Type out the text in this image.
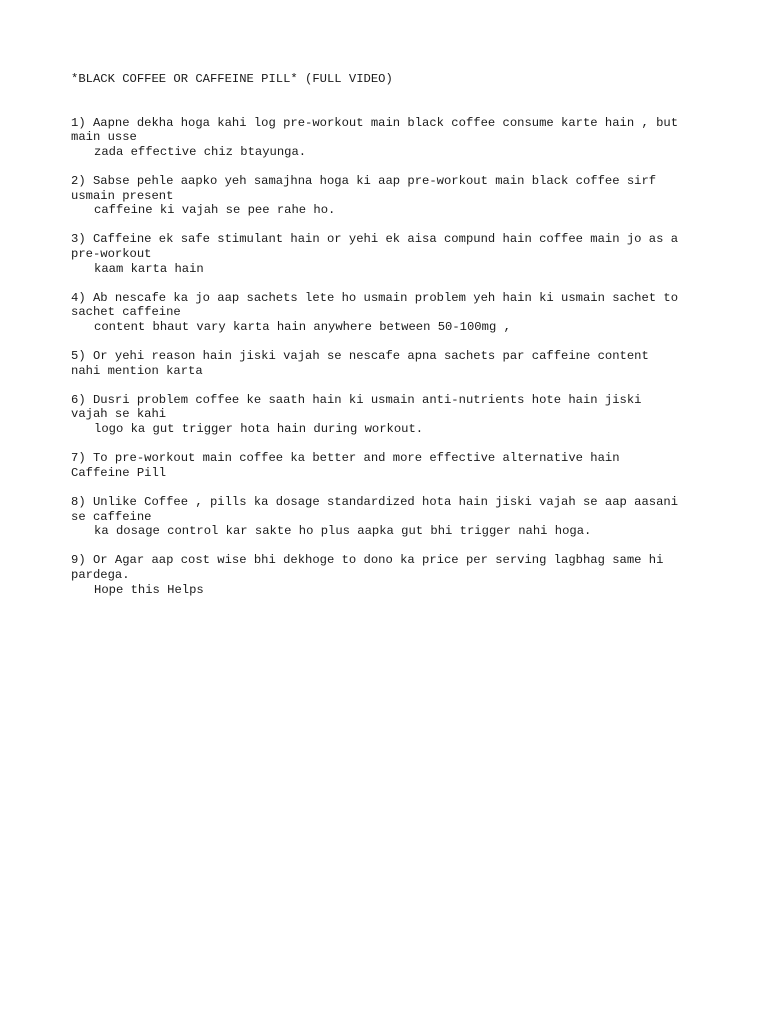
*BLACK COFFEE OR CAFFEINE PILL* (FULL VIDEO)
1) Aapne dekha hoga kahi log pre-workout main black coffee consume karte hain , but
main usse
zada effective chiz btayunga.
2) Sabse pehle aapko yeh samajhna hoga ki aap pre-workout main black coffee sirf
usmain present
caffeine ki vajah se pee rahe ho.
3) Caffeine ek safe stimulant hain or yehi ek aisa compund hain coffee main jo as a
pre-workout
kaam karta hain
4) Ab nescafe ka jo aap sachets lete ho usmain problem yeh hain ki usmain sachet to
sachet caffeine
content bhaut vary karta hain anywhere between 50-100mg ,
5) Or yehi reason hain jiski vajah se nescafe apna sachets par caffeine content
nahi mention karta
6) Dusri problem coffee ke saath hain ki usmain anti-nutrients hote hain jiski
vajah se kahi
logo ka gut trigger hota hain during workout.
7) To pre-workout main coffee ka better and more effective alternative hain
Caffeine Pill
8) Unlike Coffee , pills ka dosage standardized hota hain jiski vajah se aap aasani
se caffeine
ka dosage control kar sakte ho plus aapka gut bhi trigger nahi hoga.
9) Or Agar aap cost wise bhi dekhoge to dono ka price per serving lagbhag same hi
pardega.
Hope this Helps
